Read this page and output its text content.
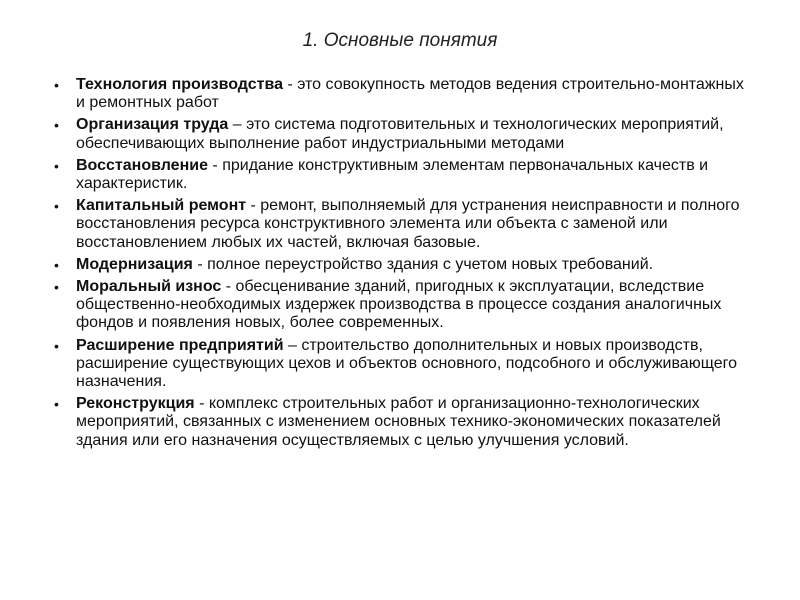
1. Основные понятия
• Технология производства - это совокупность методов ведения строительно-монтажных и ремонтных работ
• Организация труда – это система подготовительных и технологических мероприятий, обеспечивающих выполнение работ индустриальными методами
• Восстановление - придание конструктивным элементам первоначальных качеств и характеристик.
• Капитальный ремонт - ремонт, выполняемый для устранения неисправности и полного восстановления ресурса конструктивного элемента или объекта с заменой или восстановлением любых их частей, включая базовые.
• Модернизация - полное переустройство здания с учетом новых требований.
• Моральный износ - обесценивание зданий, пригодных к эксплуатации, вследствие общественно-необходимых издержек производства в процессе создания аналогичных фондов и появления новых, более современных.
• Расширение предприятий – строительство дополнительных и новых производств, расширение существующих цехов и объектов основного, подсобного и обслуживающего назначения.
• Реконструкция - комплекс строительных работ и организационно-технологических мероприятий, связанных с изменением основных технико-экономических показателей здания или его назначения осуществляемых с целью улучшения условий.
